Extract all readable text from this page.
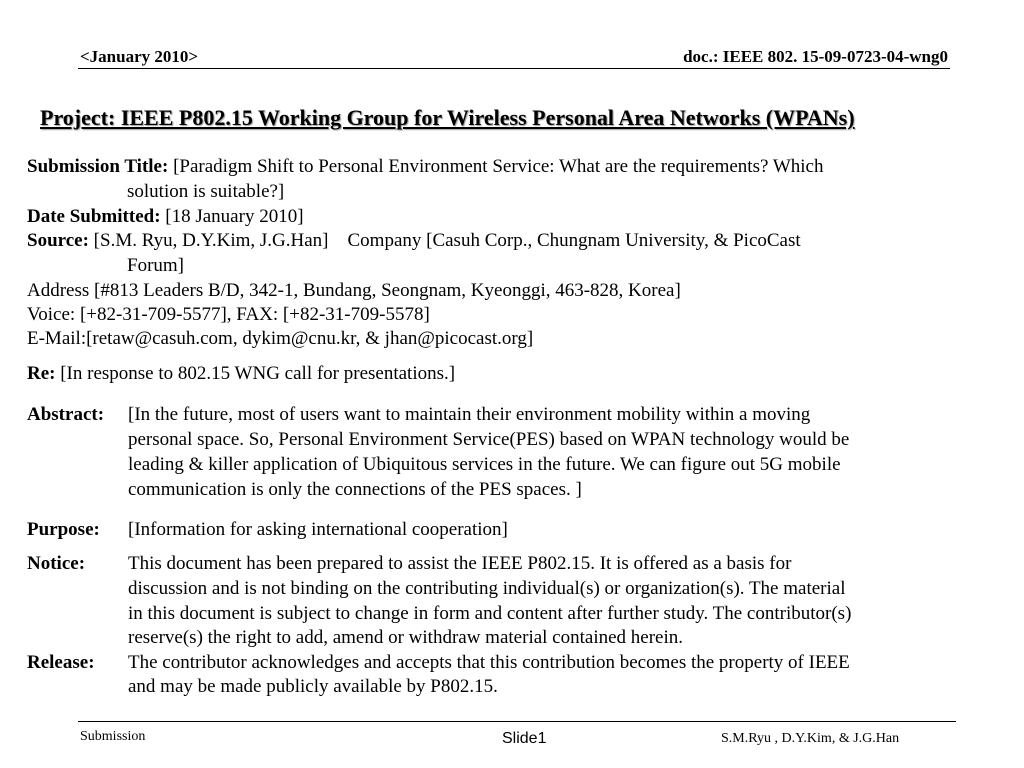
<January 2010>	doc.: IEEE 802. 15-09-0723-04-wng0
Project: IEEE P802.15 Working Group for Wireless Personal Area Networks (WPANs)
Submission Title: [Paradigm Shift to Personal Environment Service: What are the requirements? Which
solution is suitable?]
Date Submitted: [18 January 2010]
Source: [S.M. Ryu, D.Y.Kim, J.G.Han]    Company [Casuh Corp., Chungnam University, & PicoCast
Forum]
Address [#813 Leaders B/D, 342-1, Bundang, Seongnam, Kyeonggi, 463-828, Korea]
Voice: [+82-31-709-5577], FAX: [+82-31-709-5578]
E-Mail:[retaw@casuh.com, dykim@cnu.kr, & jhan@picocast.org]
Re: [In response to 802.15 WNG call for presentations.]
Abstract: [In the future, most of users want to maintain their environment mobility within a moving
personal space. So, Personal Environment Service(PES) based on WPAN technology would be
leading & killer application of Ubiquitous services in the future. We can figure out 5G mobile
communication is only the connections of the PES spaces. ]
Purpose: [Information for asking international cooperation]
Notice: This document has been prepared to assist the IEEE P802.15. It is offered as a basis for
discussion and is not binding on the contributing individual(s) or organization(s). The material
in this document is subject to change in form and content after further study. The contributor(s)
reserve(s) the right to add, amend or withdraw material contained herein.
Release: The contributor acknowledges and accepts that this contribution becomes the property of IEEE
and may be made publicly available by P802.15.
Submission	Slide1	S.M.Ryu , D.Y.Kim, & J.G.Han
